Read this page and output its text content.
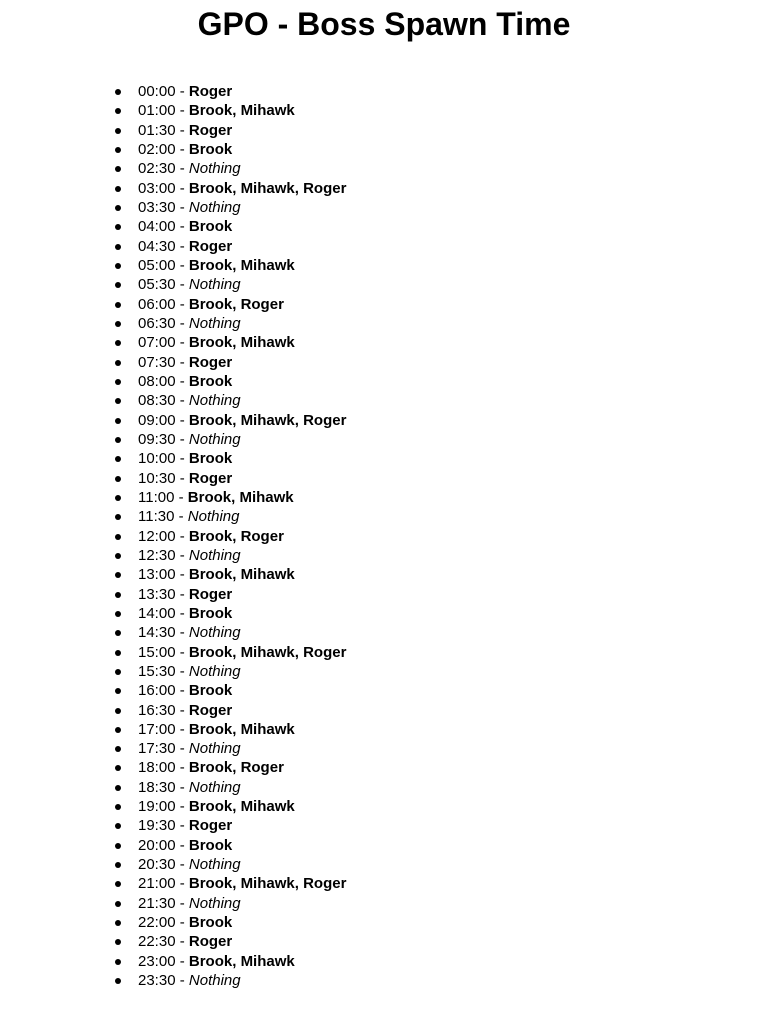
GPO - Boss Spawn Time
00:00 - Roger
01:00 - Brook, Mihawk
01:30 - Roger
02:00 - Brook
02:30 - Nothing
03:00 - Brook, Mihawk, Roger
03:30 - Nothing
04:00 - Brook
04:30 - Roger
05:00 - Brook, Mihawk
05:30 - Nothing
06:00 - Brook, Roger
06:30 - Nothing
07:00 - Brook, Mihawk
07:30 - Roger
08:00 - Brook
08:30 - Nothing
09:00 - Brook, Mihawk, Roger
09:30 - Nothing
10:00 - Brook
10:30 - Roger
11:00 - Brook, Mihawk
11:30 - Nothing
12:00 - Brook, Roger
12:30 - Nothing
13:00 - Brook, Mihawk
13:30 - Roger
14:00 - Brook
14:30 - Nothing
15:00 - Brook, Mihawk, Roger
15:30 - Nothing
16:00 - Brook
16:30 - Roger
17:00 - Brook, Mihawk
17:30 - Nothing
18:00 - Brook, Roger
18:30 - Nothing
19:00 - Brook, Mihawk
19:30 - Roger
20:00 - Brook
20:30 - Nothing
21:00 - Brook, Mihawk, Roger
21:30 - Nothing
22:00 - Brook
22:30 - Roger
23:00 - Brook, Mihawk
23:30 - Nothing
